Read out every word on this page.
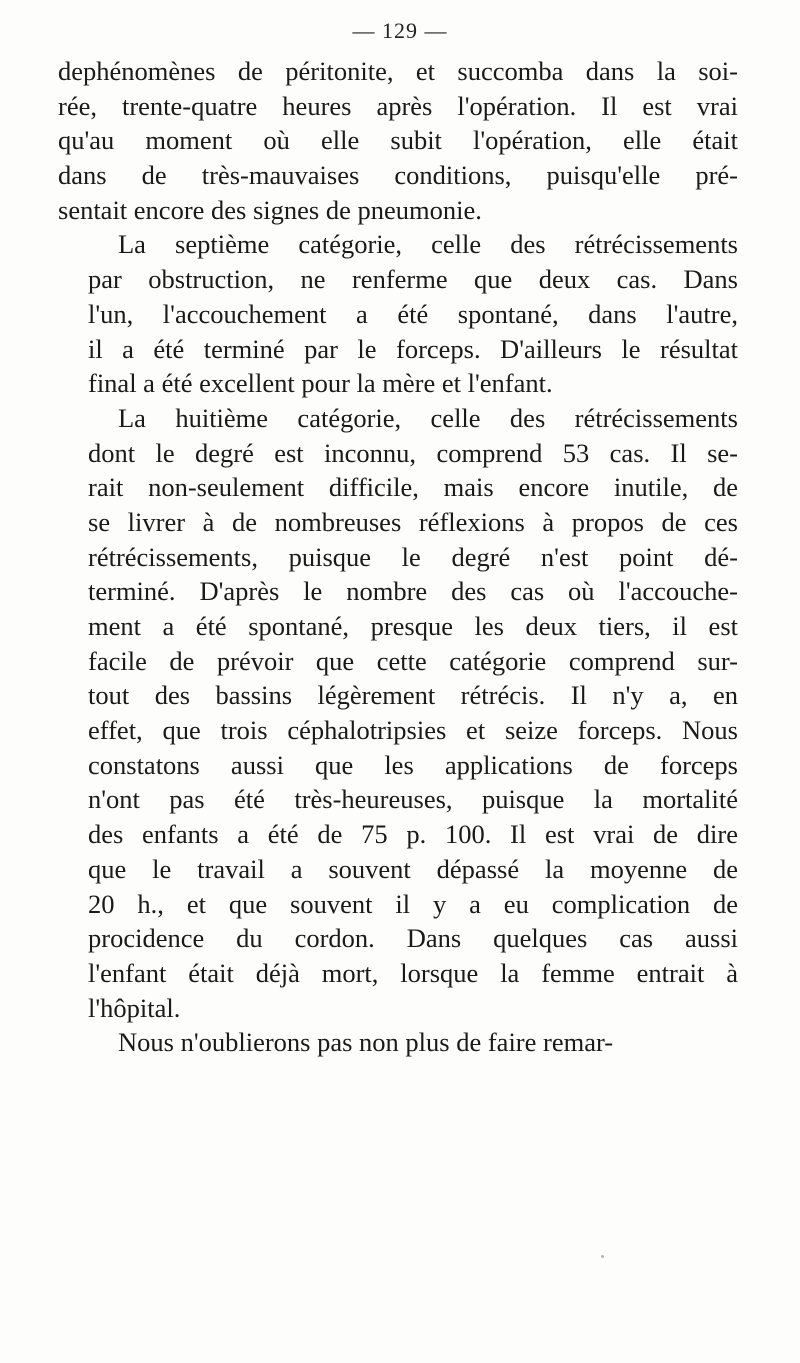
— 129 —
dephénomènes de péritonite, et succomba dans la soi-
rée, trente-quatre heures après l'opération. Il est vrai
qu'au moment où elle subit l'opération, elle était
dans de très-mauvaises conditions, puisqu'elle pré-
sentait encore des signes de pneumonie.
La septième catégorie, celle des rétrécissements
par obstruction, ne renferme que deux cas. Dans
l'un, l'accouchement a été spontané, dans l'autre,
il a été terminé par le forceps. D'ailleurs le résultat
final a été excellent pour la mère et l'enfant.
La huitième catégorie, celle des rétrécissements
dont le degré est inconnu, comprend 53 cas. Il se-
rait non-seulement difficile, mais encore inutile, de
se livrer à de nombreuses réflexions à propos de ces
rétrécissements, puisque le degré n'est point dé-
terminé. D'après le nombre des cas où l'accouche-
ment a été spontané, presque les deux tiers, il est
facile de prévoir que cette catégorie comprend sur-
tout des bassins légèrement rétrécis. Il n'y a, en
effet, que trois céphalotripsies et seize forceps. Nous
constatons aussi que les applications de forceps
n'ont pas été très-heureuses, puisque la mortalité
des enfants a été de 75 p. 100. Il est vrai de dire
que le travail a souvent dépassé la moyenne de
20 h., et que souvent il y a eu complication de
procidence du cordon. Dans quelques cas aussi
l'enfant était déjà mort, lorsque la femme entrait à
l'hôpital.
Nous n'oublierons pas non plus de faire remar-
